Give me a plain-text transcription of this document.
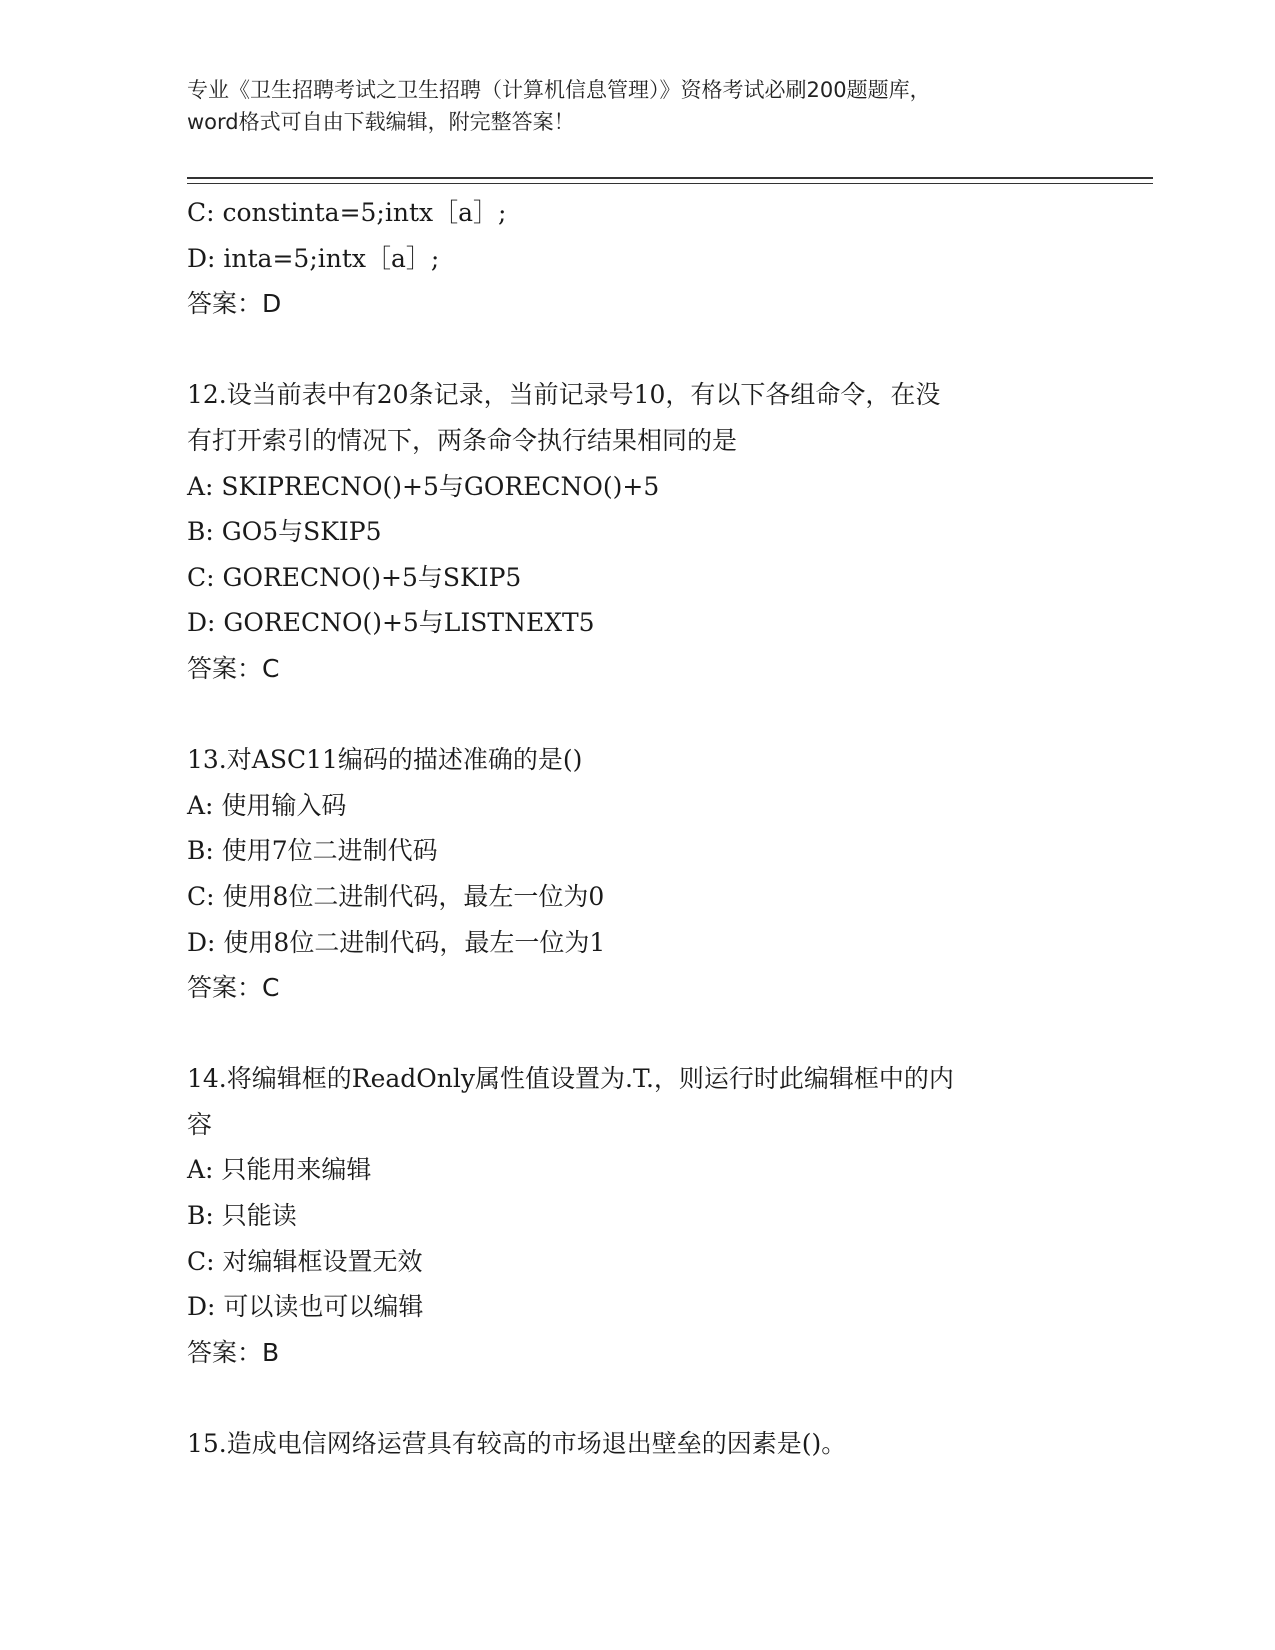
专业《卫生招聘考试之卫生招聘（计算机信息管理）》资格考试必刷200题题库，
word格式可自由下载编辑，附完整答案！
C: constinta=5;intx［a］;
D: inta=5;intx［a］;
答案：D
12.设当前表中有20条记录，当前记录号10，有以下各组命令，在没
有打开索引的情况下，两条命令执行结果相同的是
A: SKIPRECNO()+5与GORECNO()+5
B: GO5与SKIP5
C: GORECNO()+5与SKIP5
D: GORECNO()+5与LISTNEXT5
答案：C
13.对ASC11编码的描述准确的是()
A: 使用输入码
B: 使用7位二进制代码
C: 使用8位二进制代码，最左一位为0
D: 使用8位二进制代码，最左一位为1
答案：C
14.将编辑框的ReadOnly属性值设置为.T.，则运行时此编辑框中的内
容
A: 只能用来编辑
B: 只能读
C: 对编辑框设置无效
D: 可以读也可以编辑
答案：B
15.造成电信网络运营具有较高的市场退出壁垒的因素是()。
